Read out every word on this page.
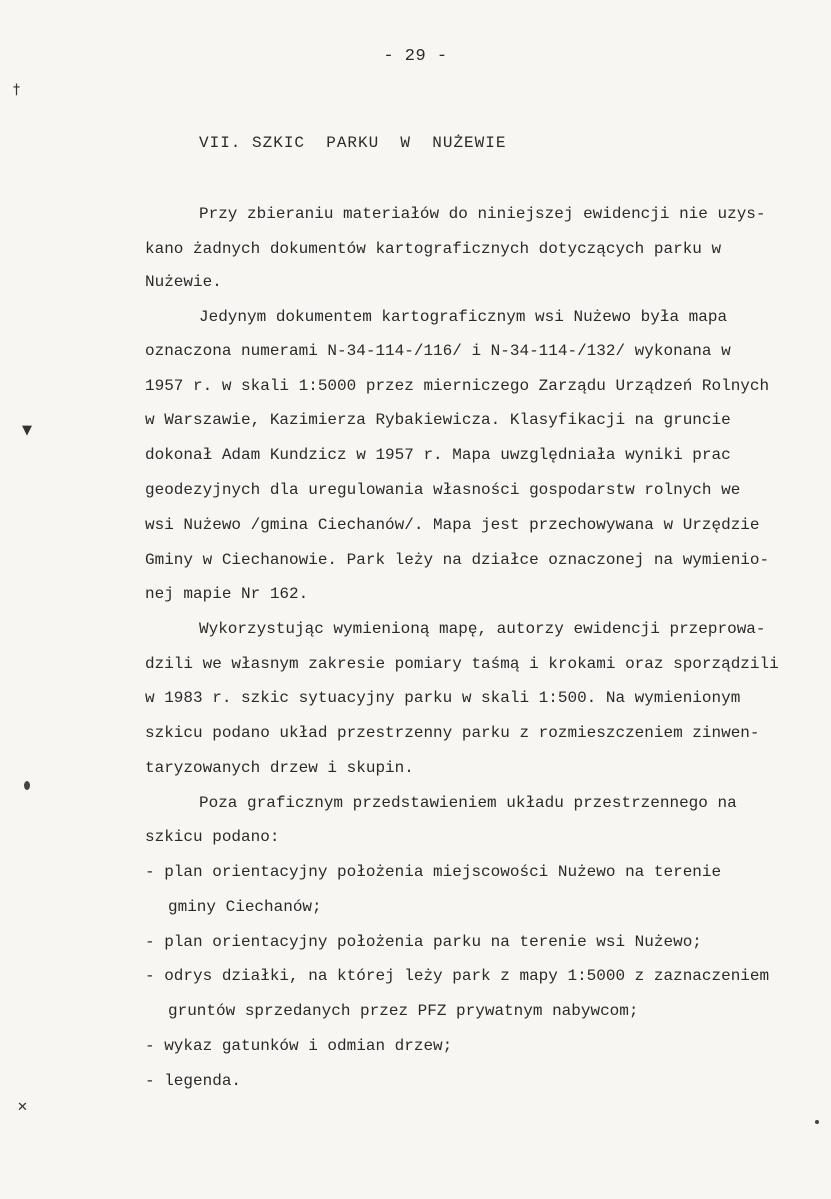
- 29 -
VII. SZKIC  PARKU  W  NUŻEWIE
Przy zbieraniu materiałów do niniejszej ewidencji nie uzys-
kano żadnych dokumentów kartograficznych dotyczących parku w
Nużewie.
Jedynym dokumentem kartograficznym wsi Nużewo była mapa
oznaczona numerami N-34-114-/116/ i N-34-114-/132/ wykonana w
1957 r. w skali 1:5000 przez mierniczego Zarządu Urządzeń Rolnych
w Warszawie, Kazimierza Rybakiewicza. Klasyfikacji na gruncie
dokonał Adam Kundzicz w 1957 r. Mapa uwzględniała wyniki prac
geodezyjnych dla uregulowania własności gospodarstw rolnych we
wsi Nużewo /gmina Ciechanów/. Mapa jest przechowywana w Urzędzie
Gminy w Ciechanowie. Park leży na działce oznaczonej na wymienio-
nej mapie Nr 162.
Wykorzystując wymienioną mapę, autorzy ewidencji przeprowa-
dzili we własnym zakresie pomiary taśmą i krokami oraz sporządzili
w 1983 r. szkic sytuacyjny parku w skali 1:500. Na wymienionym
szkicu podano układ przestrzenny parku z rozmieszczeniem zinwen-
taryzowanych drzew i skupin.
Poza graficznym przedstawieniem układu przestrzennego na
szkicu podano:
- plan orientacyjny położenia miejscowości Nużewo na terenie
gminy Ciechanów;
- plan orientacyjny położenia parku na terenie wsi Nużewo;
- odrys działki, na której leży park z mapy 1:5000 z zaznaczeniem
gruntów sprzedanych przez PFZ prywatnym nabywcom;
- wykaz gatunków i odmian drzew;
- legenda.
†
▼
✕
